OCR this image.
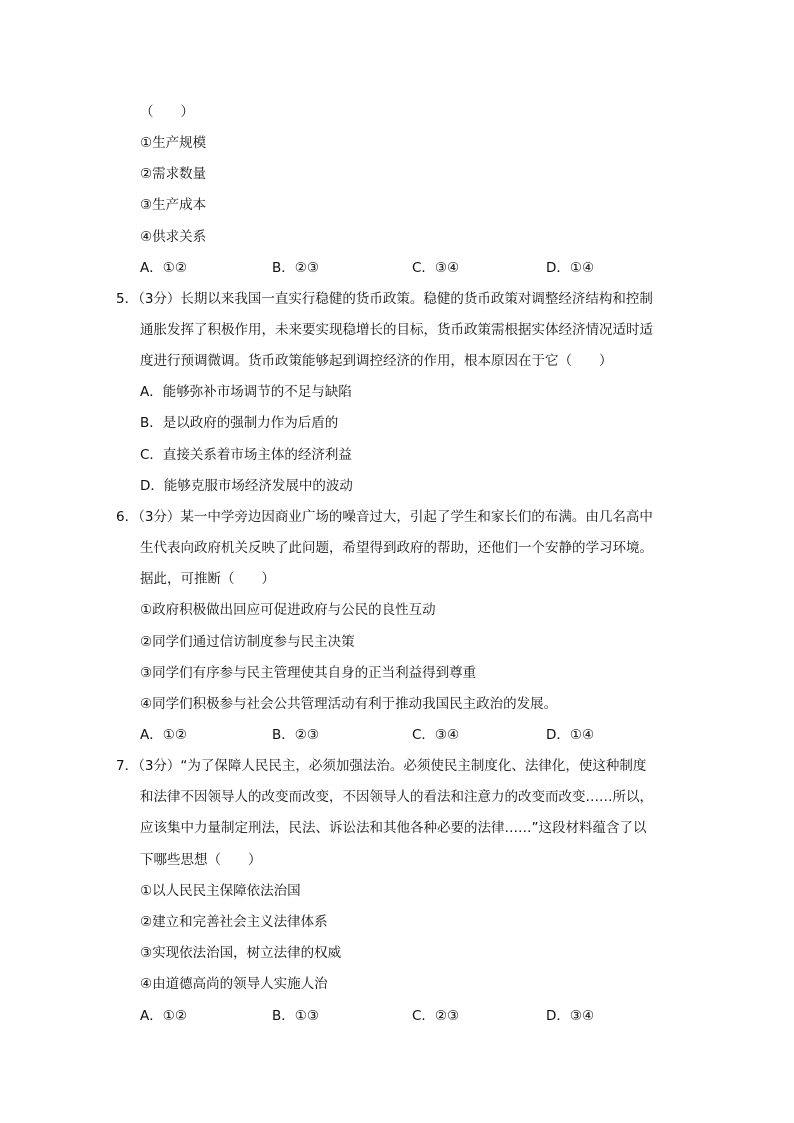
（　　）
①生产规模
②需求数量
③生产成本
④供求关系
A．①②	B．②③	C．③④	D．①④
5．（3分）长期以来我国一直实行稳健的货币政策。稳健的货币政策对调整经济结构和控制
通胀发挥了积极作用，未来要实现稳增长的目标，货币政策需根据实体经济情况适时适
度进行预调微调。货币政策能够起到调控经济的作用，根本原因在于它（　　）
A．能够弥补市场调节的不足与缺陷
B．是以政府的强制力作为后盾的
C．直接关系着市场主体的经济利益
D．能够克服市场经济发展中的波动
6．（3分）某一中学旁边因商业广场的噪音过大，引起了学生和家长们的布满。由几名高中
生代表向政府机关反映了此问题，希望得到政府的帮助，还他们一个安静的学习环境。
据此，可推断（　　）
①政府积极做出回应可促进政府与公民的良性互动
②同学们通过信访制度参与民主决策
③同学们有序参与民主管理使其自身的正当利益得到尊重
④同学们积极参与社会公共管理活动有利于推动我国民主政治的发展。
A．①②	B．②③	C．③④	D．①④
7．（3分）“为了保障人民民主，必须加强法治。必须使民主制度化、法律化，使这种制度
和法律不因领导人的改变而改变，不因领导人的看法和注意力的改变而改变……所以，
应该集中力量制定刑法，民法、诉讼法和其他各种必要的法律……”这段材料蕴含了以
下哪些思想（　　）
①以人民民主保障依法治国
②建立和完善社会主义法律体系
③实现依法治国，树立法律的权威
④由道德高尚的领导人实施人治
A．①②	B．①③	C．②③	D．③④
